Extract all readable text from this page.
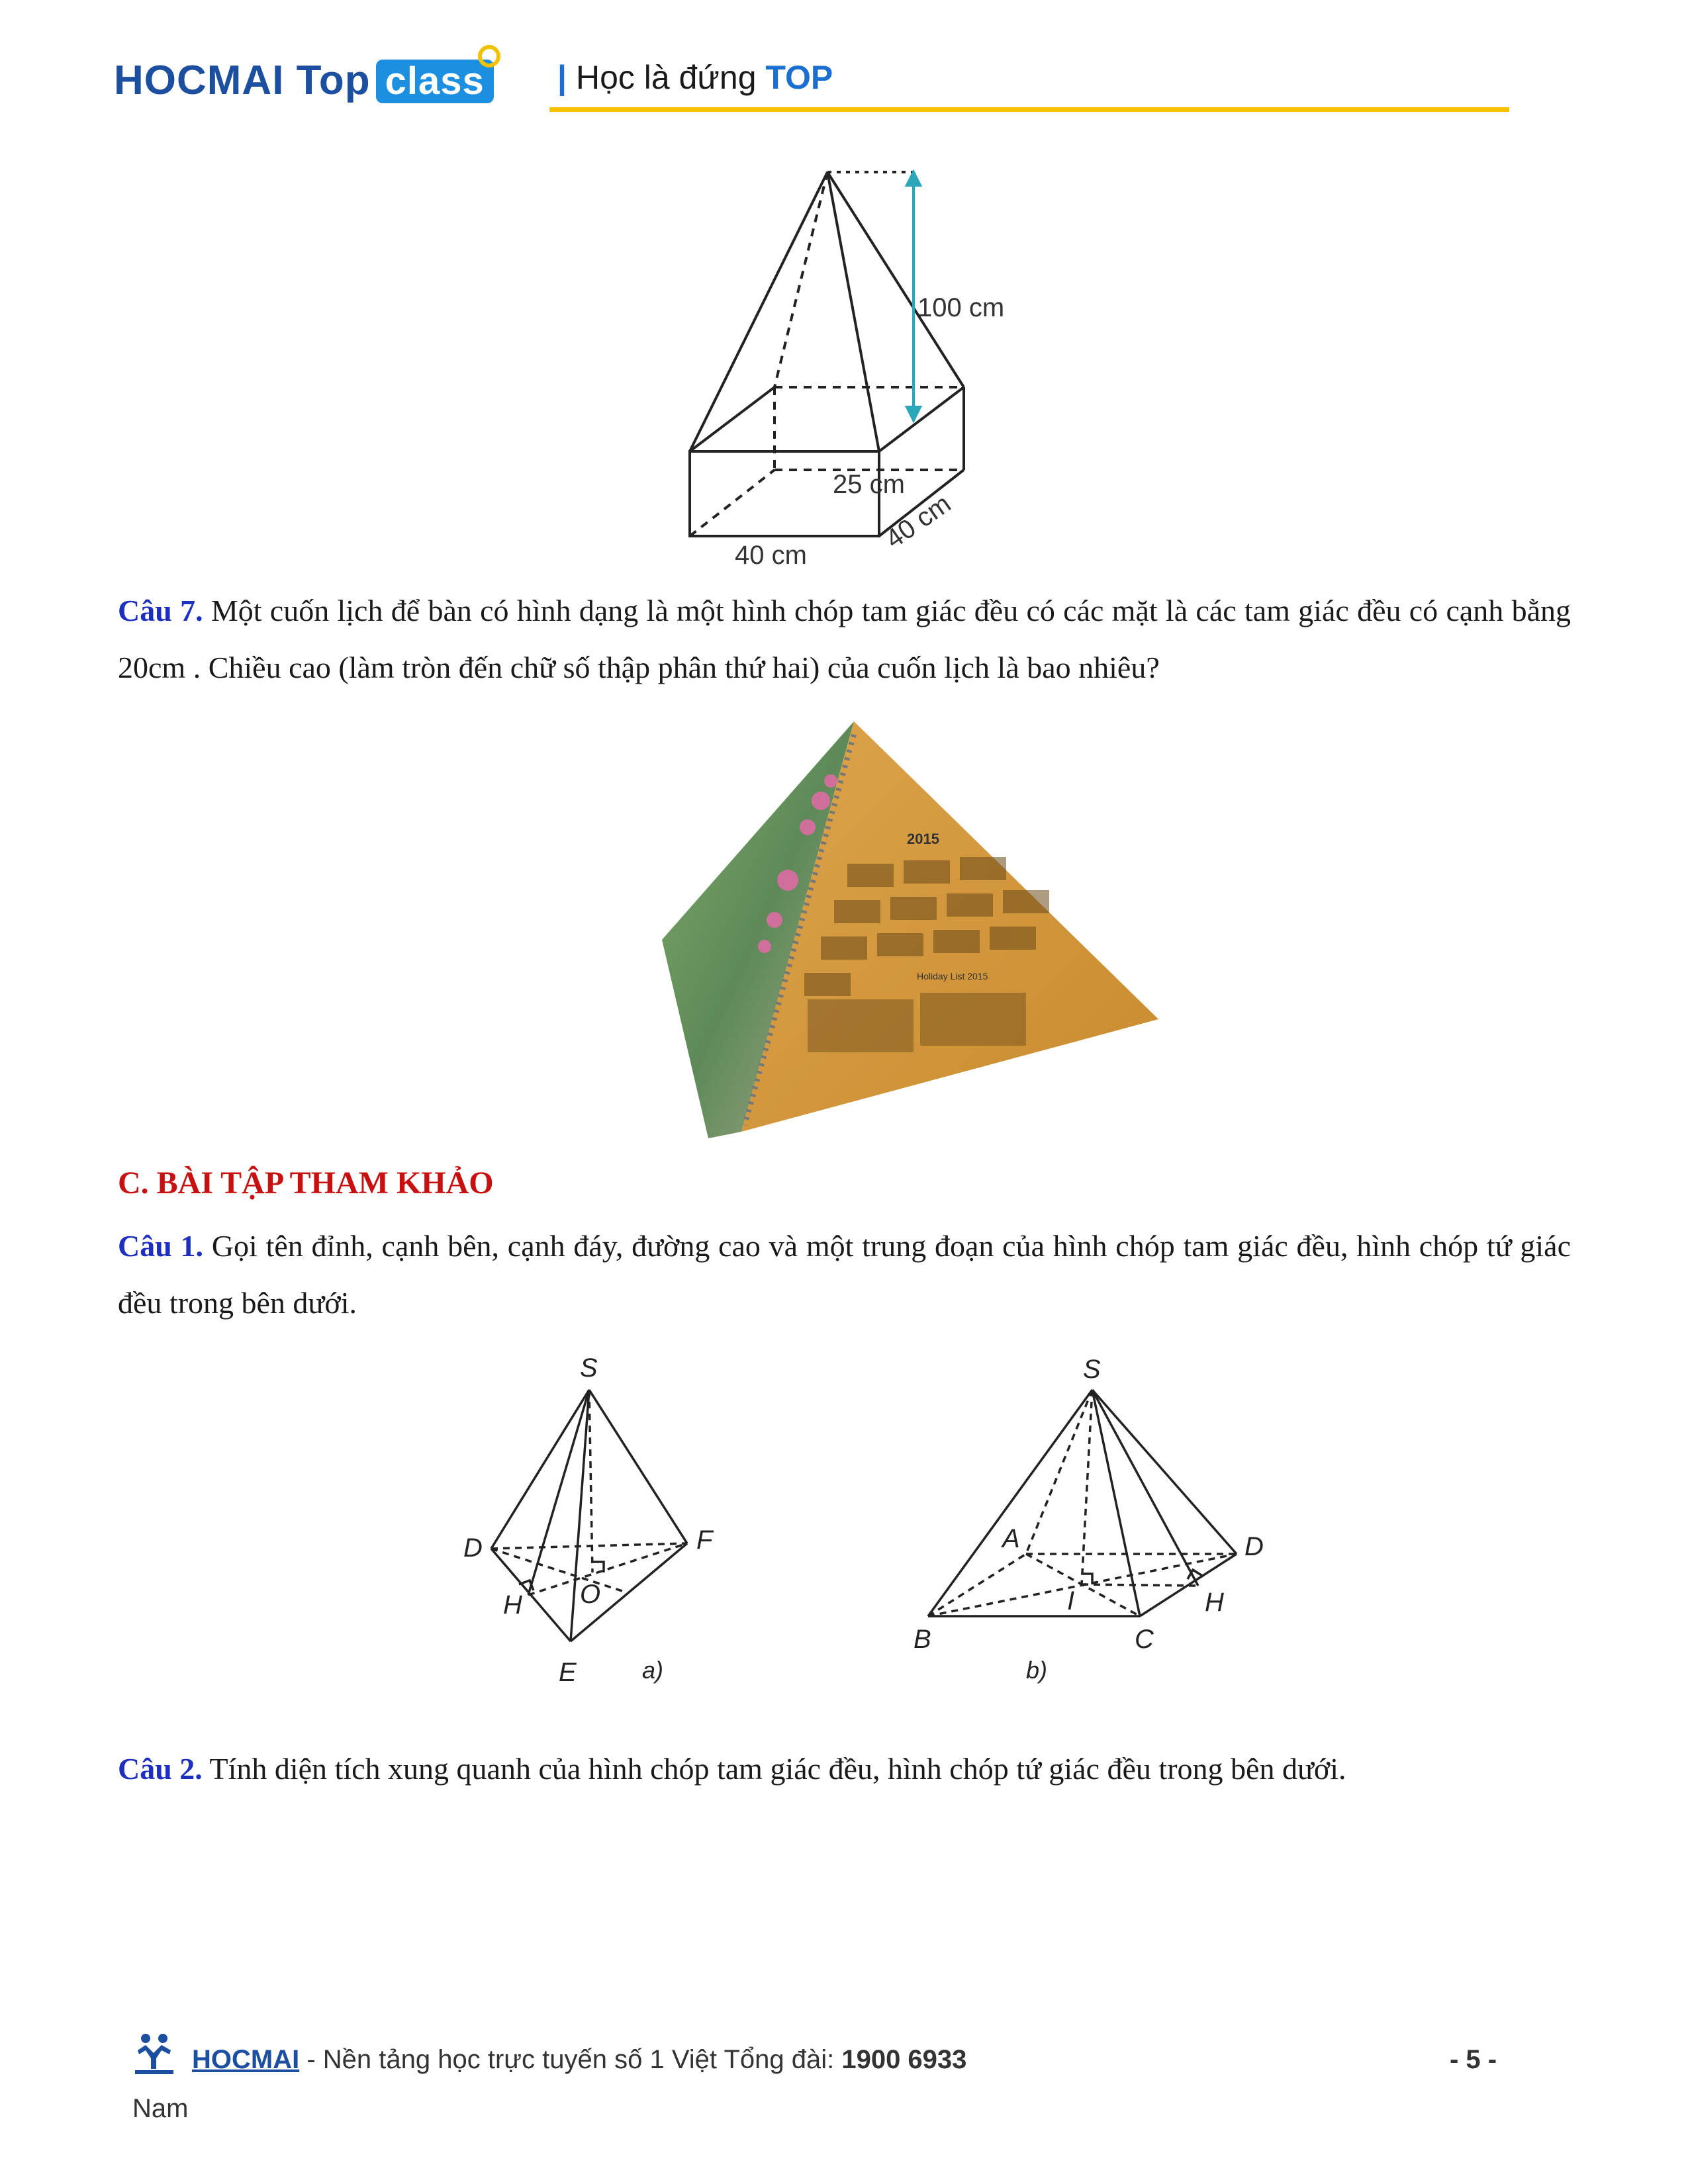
HOCMAI Top class | Học là đứng TOP
100 cm
25 cm
40 cm
40 cm
Câu 7. Một cuốn lịch để bàn có hình dạng là một hình chóp tam giác đều có các mặt là các tam giác đều có cạnh bằng 20cm . Chiều cao (làm tròn đến chữ số thập phân thứ hai) của cuốn lịch là bao nhiêu?
2015
Holiday List 2015
C. BÀI TẬP THAM KHẢO
Câu 1. Gọi tên đỉnh, cạnh bên, cạnh đáy, đường cao và một trung đoạn của hình chóp tam giác đều, hình chóp tứ giác đều trong bên dưới.
S
D	F
H O
E	a)
S
A	D
I	H
B	C
b)
Câu 2. Tính diện tích xung quanh của hình chóp tam giác đều, hình chóp tứ giác đều trong bên dưới.
HOCMAI - Nền tảng học trực tuyến số 1 Việt Tổng đài: 1900 6933
Nam
- 5 -
